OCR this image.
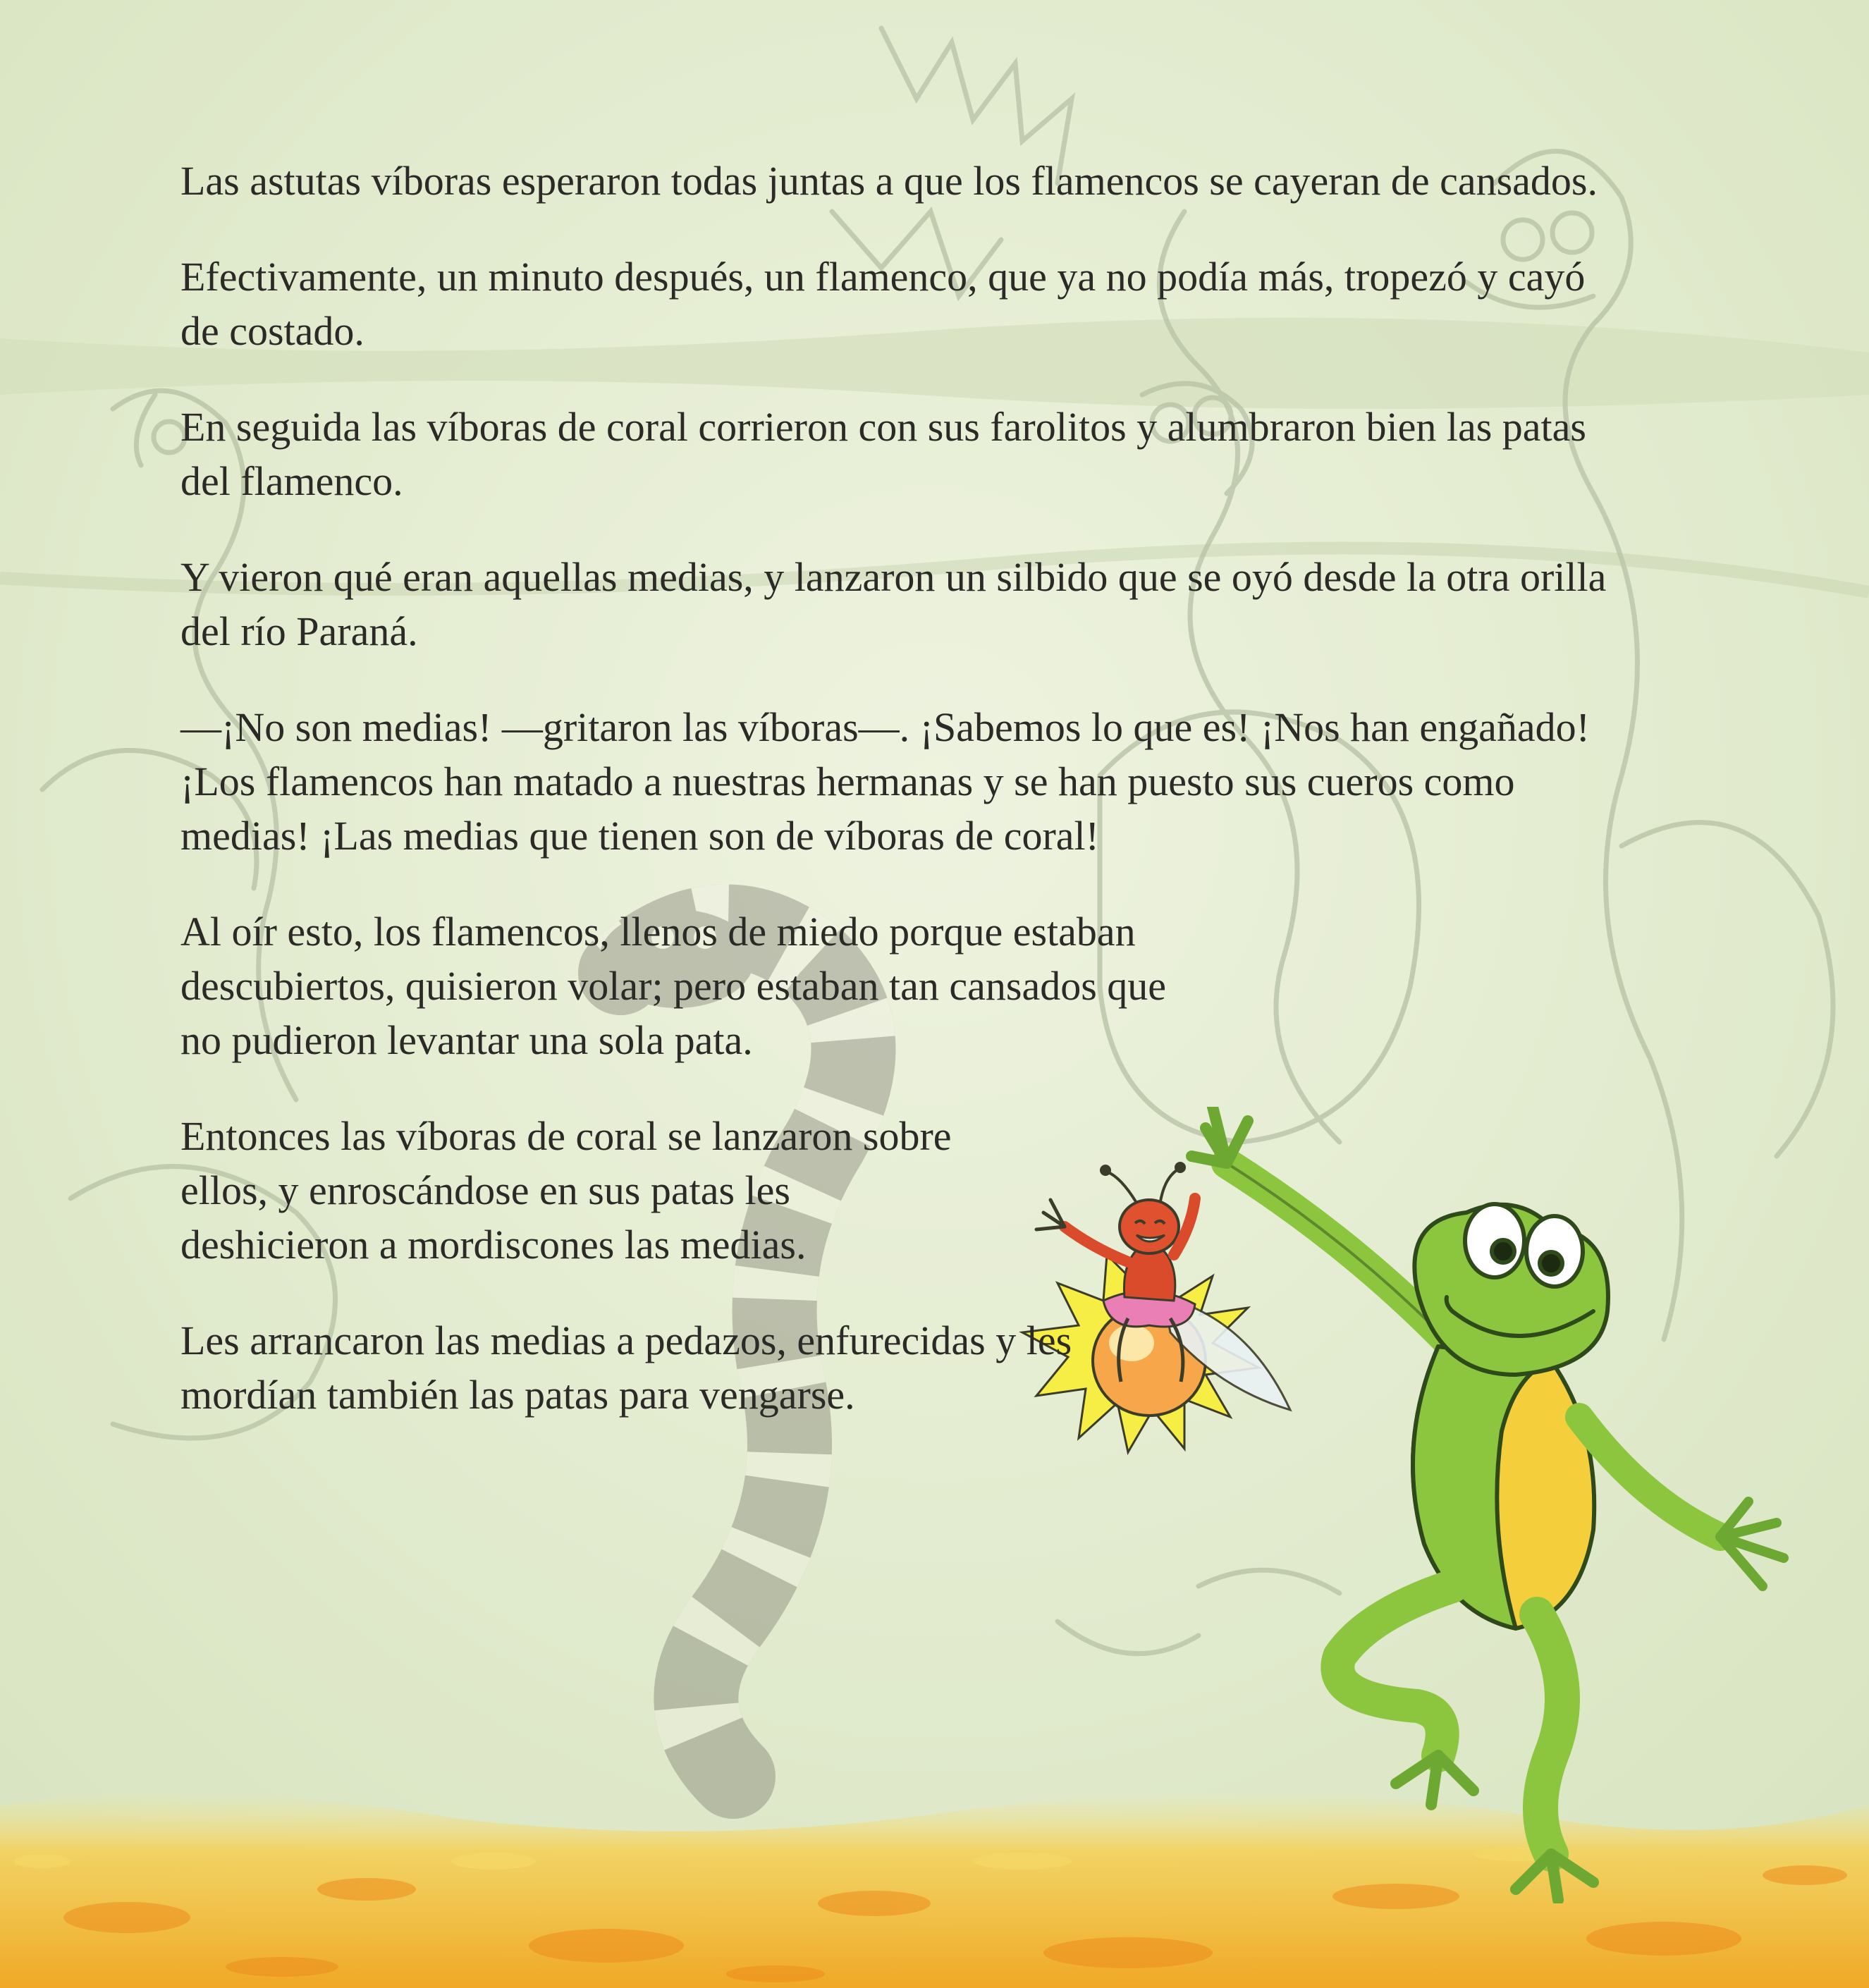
Las astutas víboras esperaron todas juntas a que los flamencos se cayeran de cansados.

Efectivamente, un minuto después, un flamenco, que ya no podía más, tropezó y cayó de costado.

En seguida las víboras de coral corrieron con sus farolitos y alumbraron bien las patas del flamenco.

Y vieron qué eran aquellas medias, y lanzaron un silbido que se oyó desde la otra orilla del río Paraná.

—¡No son medias! —gritaron las víboras—. ¡Sabemos lo que es! ¡Nos han engañado! ¡Los flamencos han matado a nuestras hermanas y se han puesto sus cueros como medias! ¡Las medias que tienen son de víboras de coral!

Al oír esto, los flamencos, llenos de miedo porque estaban descubiertos, quisieron volar; pero estaban tan cansados que no pudieron levantar una sola pata.

Entonces las víboras de coral se lanzaron sobre ellos, y enroscándose en sus patas les deshicieron a mordiscones las medias.

Les arrancaron las medias a pedazos, enfurecidas y les mordían también las patas para vengarse.
